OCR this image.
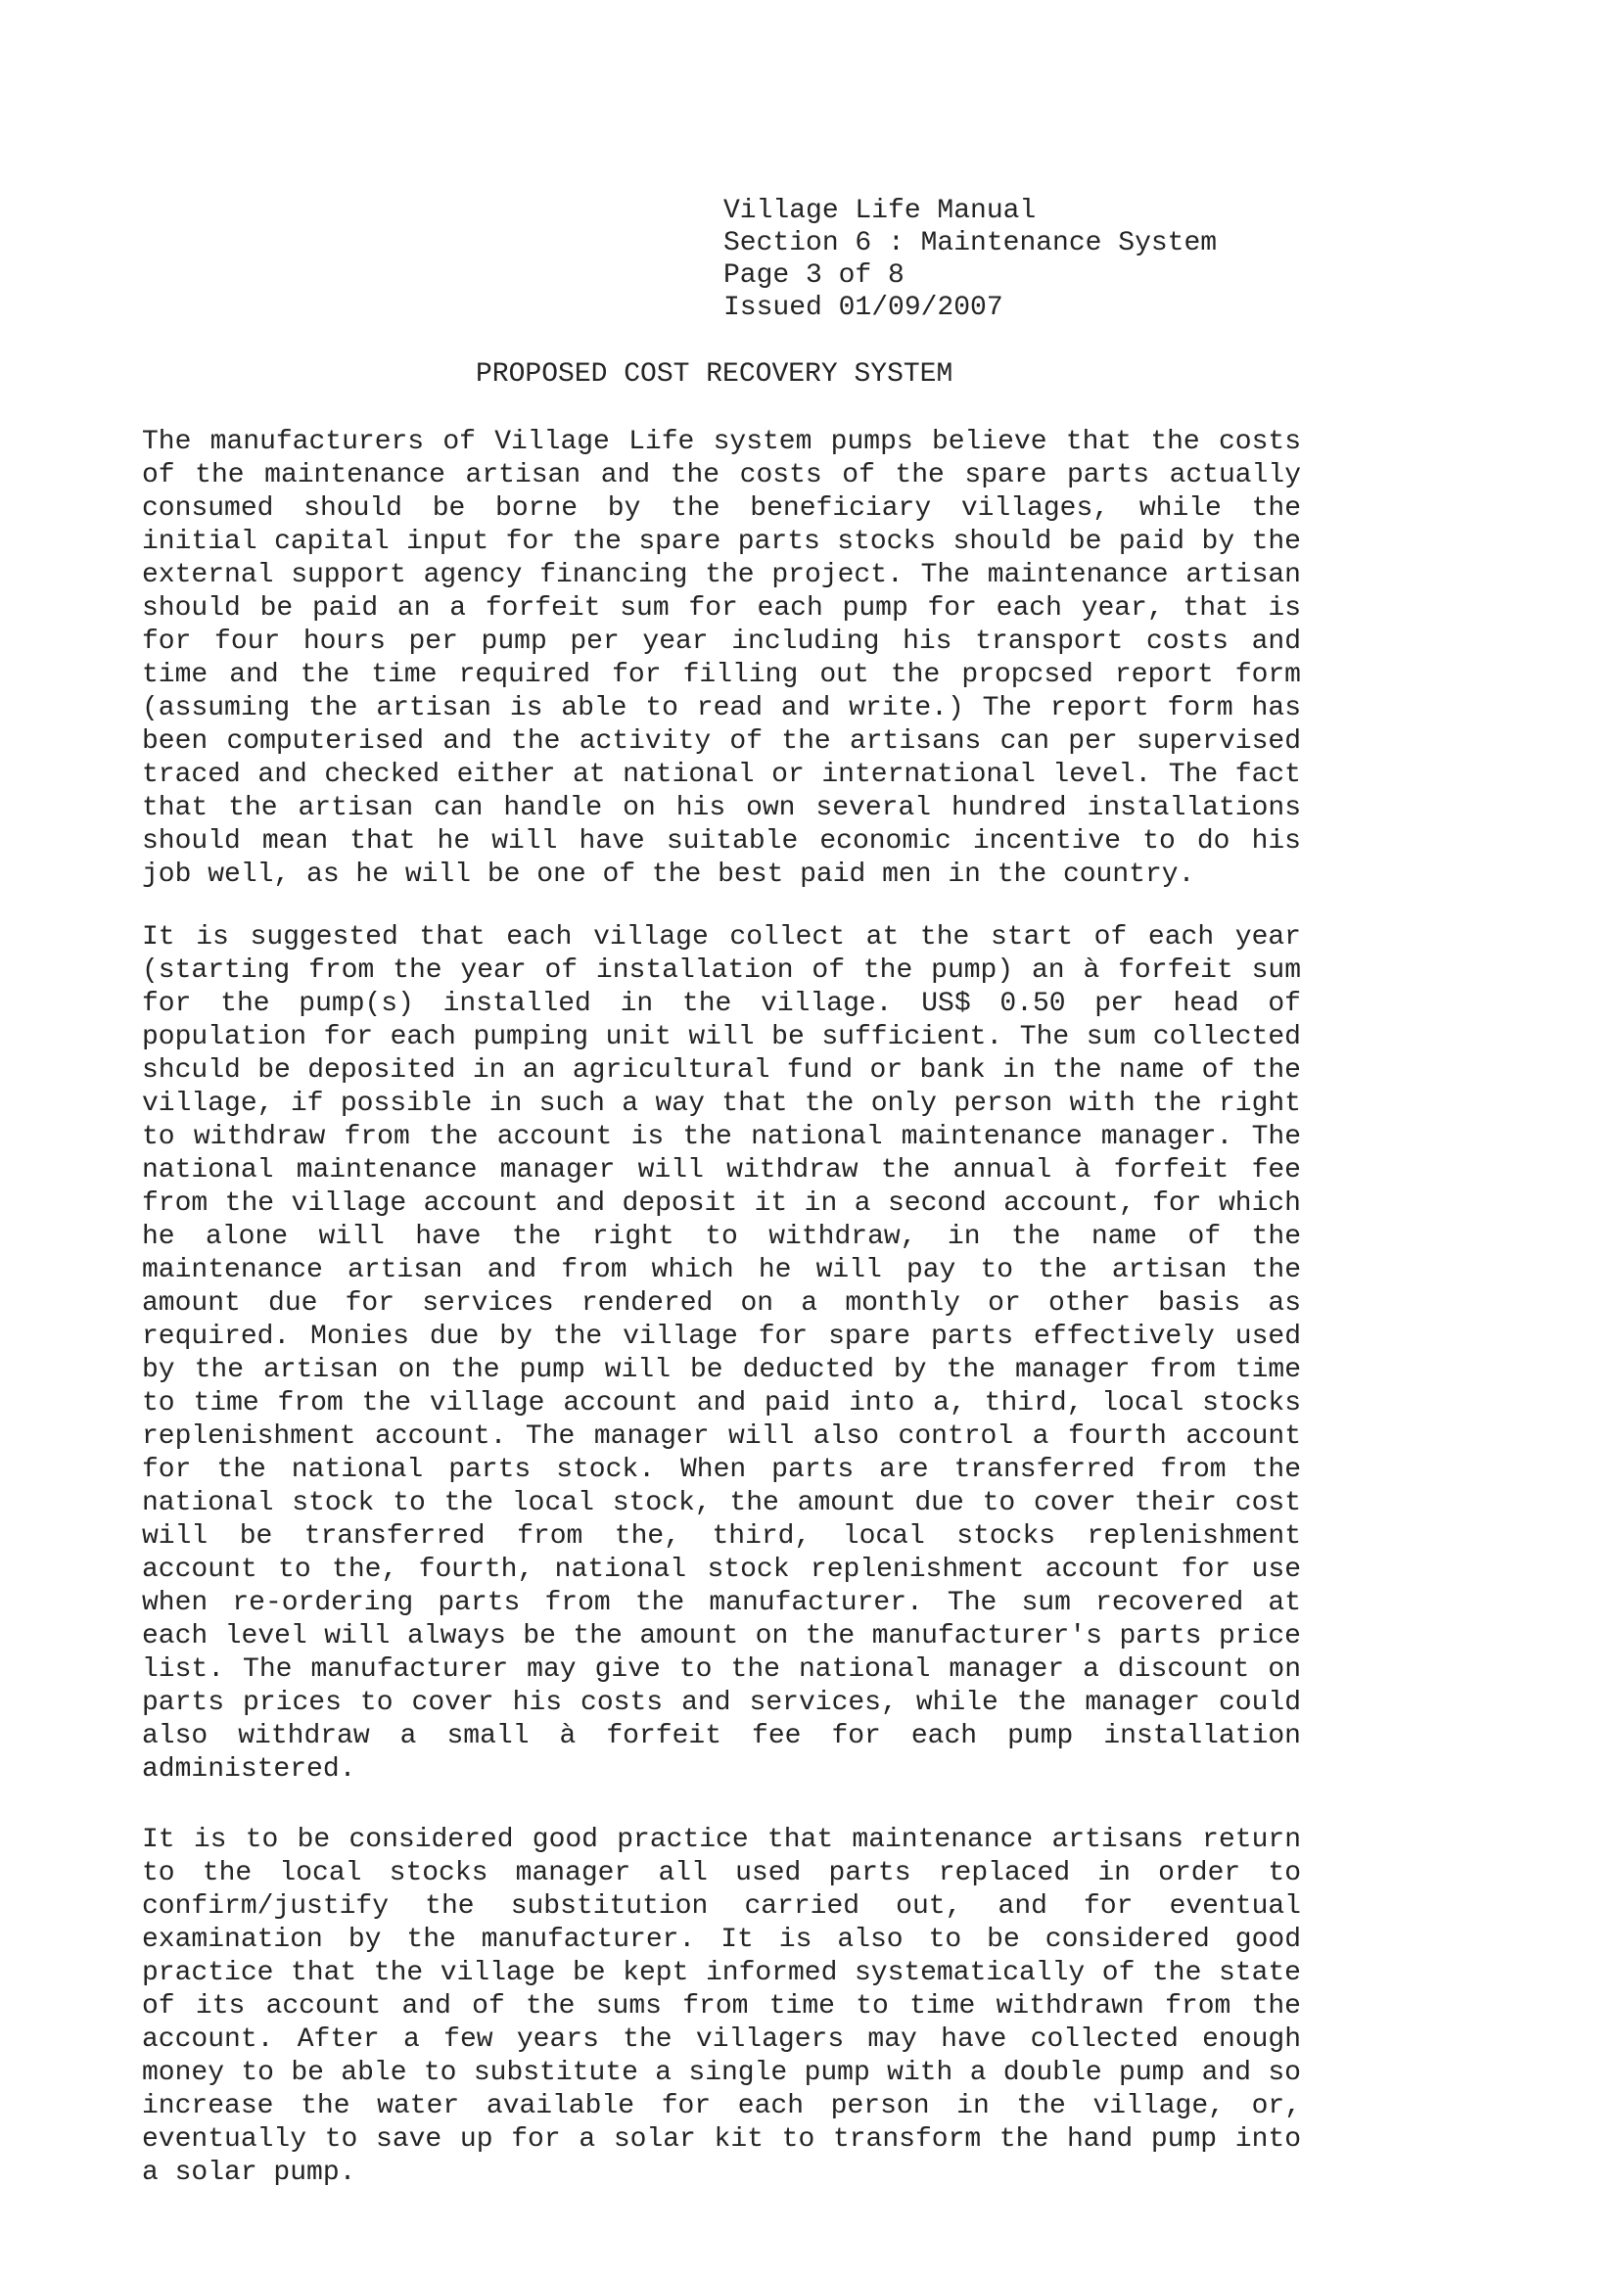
Village Life Manual
Section 6 : Maintenance System
Page 3 of 8
Issued 01/09/2007
PROPOSED COST RECOVERY SYSTEM
The manufacturers of Village Life system pumps believe that the costs
of the maintenance artisan and the costs of the spare parts actually
consumed should be borne by the beneficiary villages, while the
initial capital input for the spare parts stocks should be paid by the
external support agency financing the project. The maintenance artisan
should be paid an a forfeit sum for each pump for each year, that is
for four hours per pump per year including his transport costs and
time and the time required for filling out the propcsed report form
(assuming the artisan is able to read and write.) The report form has
been computerised and the activity of the artisans can per supervised
traced and checked either at national or international level. The fact
that the artisan can handle on his own several hundred installations
should mean that he will have suitable economic incentive to do his
job well, as he will be one of the best paid men in the country.
It is suggested that each village collect at the start of each year
(starting from the year of installation of the pump) an à forfeit sum
for the pump(s) installed in the village. US$ 0.50 per head of
population for each pumping unit will be sufficient. The sum collected
shculd be deposited in an agricultural fund or bank in the name of the
village, if possible in such a way that the only person with the right
to withdraw from the account is the national maintenance manager. The
national maintenance manager will withdraw the annual à forfeit fee
from the village account and deposit it in a second account, for which
he alone will have the right to withdraw, in the name of the
maintenance artisan and from which he will pay to the artisan the
amount due for services rendered on a monthly or other basis as
required. Monies due by the village for spare parts effectively used
by the artisan on the pump will be deducted by the manager from time
to time from the village account and paid into a, third, local stocks
replenishment account. The manager will also control a fourth account
for the national parts stock. When parts are transferred from the
national stock to the local stock, the amount due to cover their cost
will be transferred from the, third, local stocks replenishment
account to the, fourth, national stock replenishment account for use
when re-ordering parts from the manufacturer. The sum recovered at
each level will always be the amount on the manufacturer's parts price
list. The manufacturer may give to the national manager a discount on
parts prices to cover his costs and services, while the manager could
also withdraw a small à forfeit fee for each pump installation
administered.
It is to be considered good practice that maintenance artisans return
to the local stocks manager all used parts replaced in order to
confirm/justify the substitution carried out, and for eventual
examination by the manufacturer. It is also to be considered good
practice that the village be kept informed systematically of the state
of its account and of the sums from time to time withdrawn from the
account. After a few years the villagers may have collected enough
money to be able to substitute a single pump with a double pump and so
increase the water available for each person in the village, or,
eventually to save up for a solar kit to transform the hand pump into
a solar pump.
